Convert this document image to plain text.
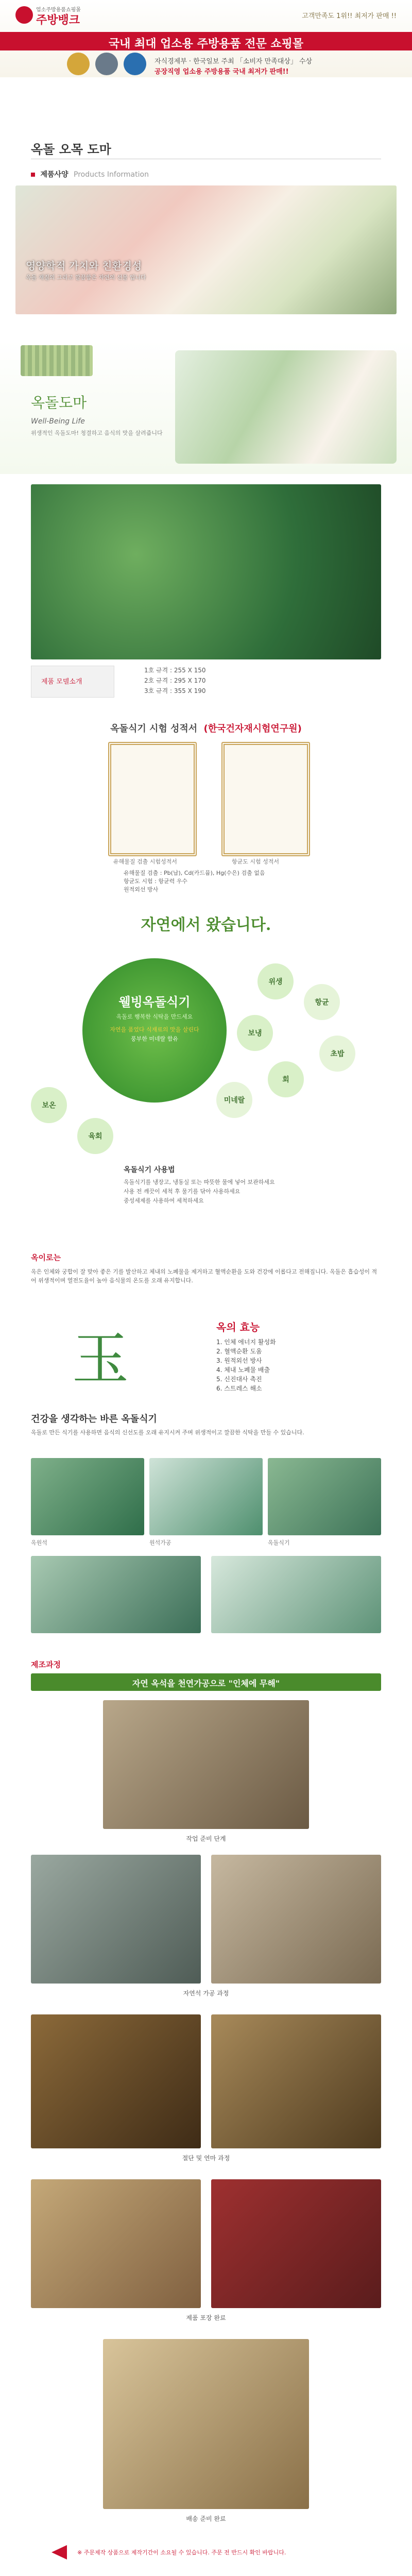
업소주방용품쇼핑몰
주방뱅크	고객만족도 1위!! 최저가 판매 !!
국내 최대 업소용 주방용품 전문 쇼핑몰

자식경제부 · 한국일보 주최 「소비자 만족대상」 수상
공장직영 업소용 주방용품 국내 최저가 판매!!
옥돌 오목 도마
제품사양 Products Information
영양학적 가치와 친환경성
옥돌 재질의 그리고 깔끔함은 자연의 선물 입니다
옥돌도마
Well-Being Life
위생적인 옥돌도마! 청결하고 음식의 맛을 살려줍니다
제품 모델소개
1호 규격 : 255 X 150
2호 규격 : 295 X 170
3호 규격 : 355 X 190
옥돌식기 시험 성적서 (한국건자재시험연구원)
유해물질 검출 시험성적서	항균도 시험 성적서
유해물질 검출 : Pb(납), Cd(카드뮴), Hg(수은) 검출 없음
항균도 시험 : 항균력 우수
원적외선 방사
자연에서 왔습니다.
웰빙옥돌식기
옥돌로 행복한 식탁을 만드세요
자연을 품었다 식재료의 맛을 살린다
풍부한 미네랄 함유
보온
위생
항균
보냉
초밥
회
미네랄
육회
옥돌식기 사용법
옥돌식기를 냉장고, 냉동실 또는 따뜻한 물에 넣어 보관하세요
사용 전 깨끗이 세척 후 물기를 닦아 사용하세요
중성세제를 사용하여 세척하세요
옥이로는
옥은 인체와 궁합이 잘 맞아 좋은 기를 발산하고 체내의 노폐물을 제거하고 혈액순환을 도와 건강에 이롭다고 전해집니다. 옥돌은 흡습성이 적어 위생적이며 열전도율이 높아 음식물의 온도를 오래 유지합니다.
玉	옥의 효능
1. 인체 에너지 활성화
2. 혈액순환 도움
3. 원적외선 방사
4. 체내 노폐물 배출
5. 신진대사 촉진
6. 스트레스 해소
건강을 생각하는 바른 옥돌식기
옥돌로 만든 식기를 사용하면 음식의 신선도를 오래 유지시켜 주며 위생적이고 깔끔한 식탁을 만들 수 있습니다.
옥원석	원석가공	옥돌식기
제조과정
자연 옥석을 천연가공으로 "인체에 무해"
작업 준비 단계
자연석 가공 과정
절단 및 연마 과정
제품 포장 완료
배송 준비 완료
※ 주문제작 상품으로 제작기간이 소요될 수 있습니다. 주문 전 반드시 확인 바랍니다.
